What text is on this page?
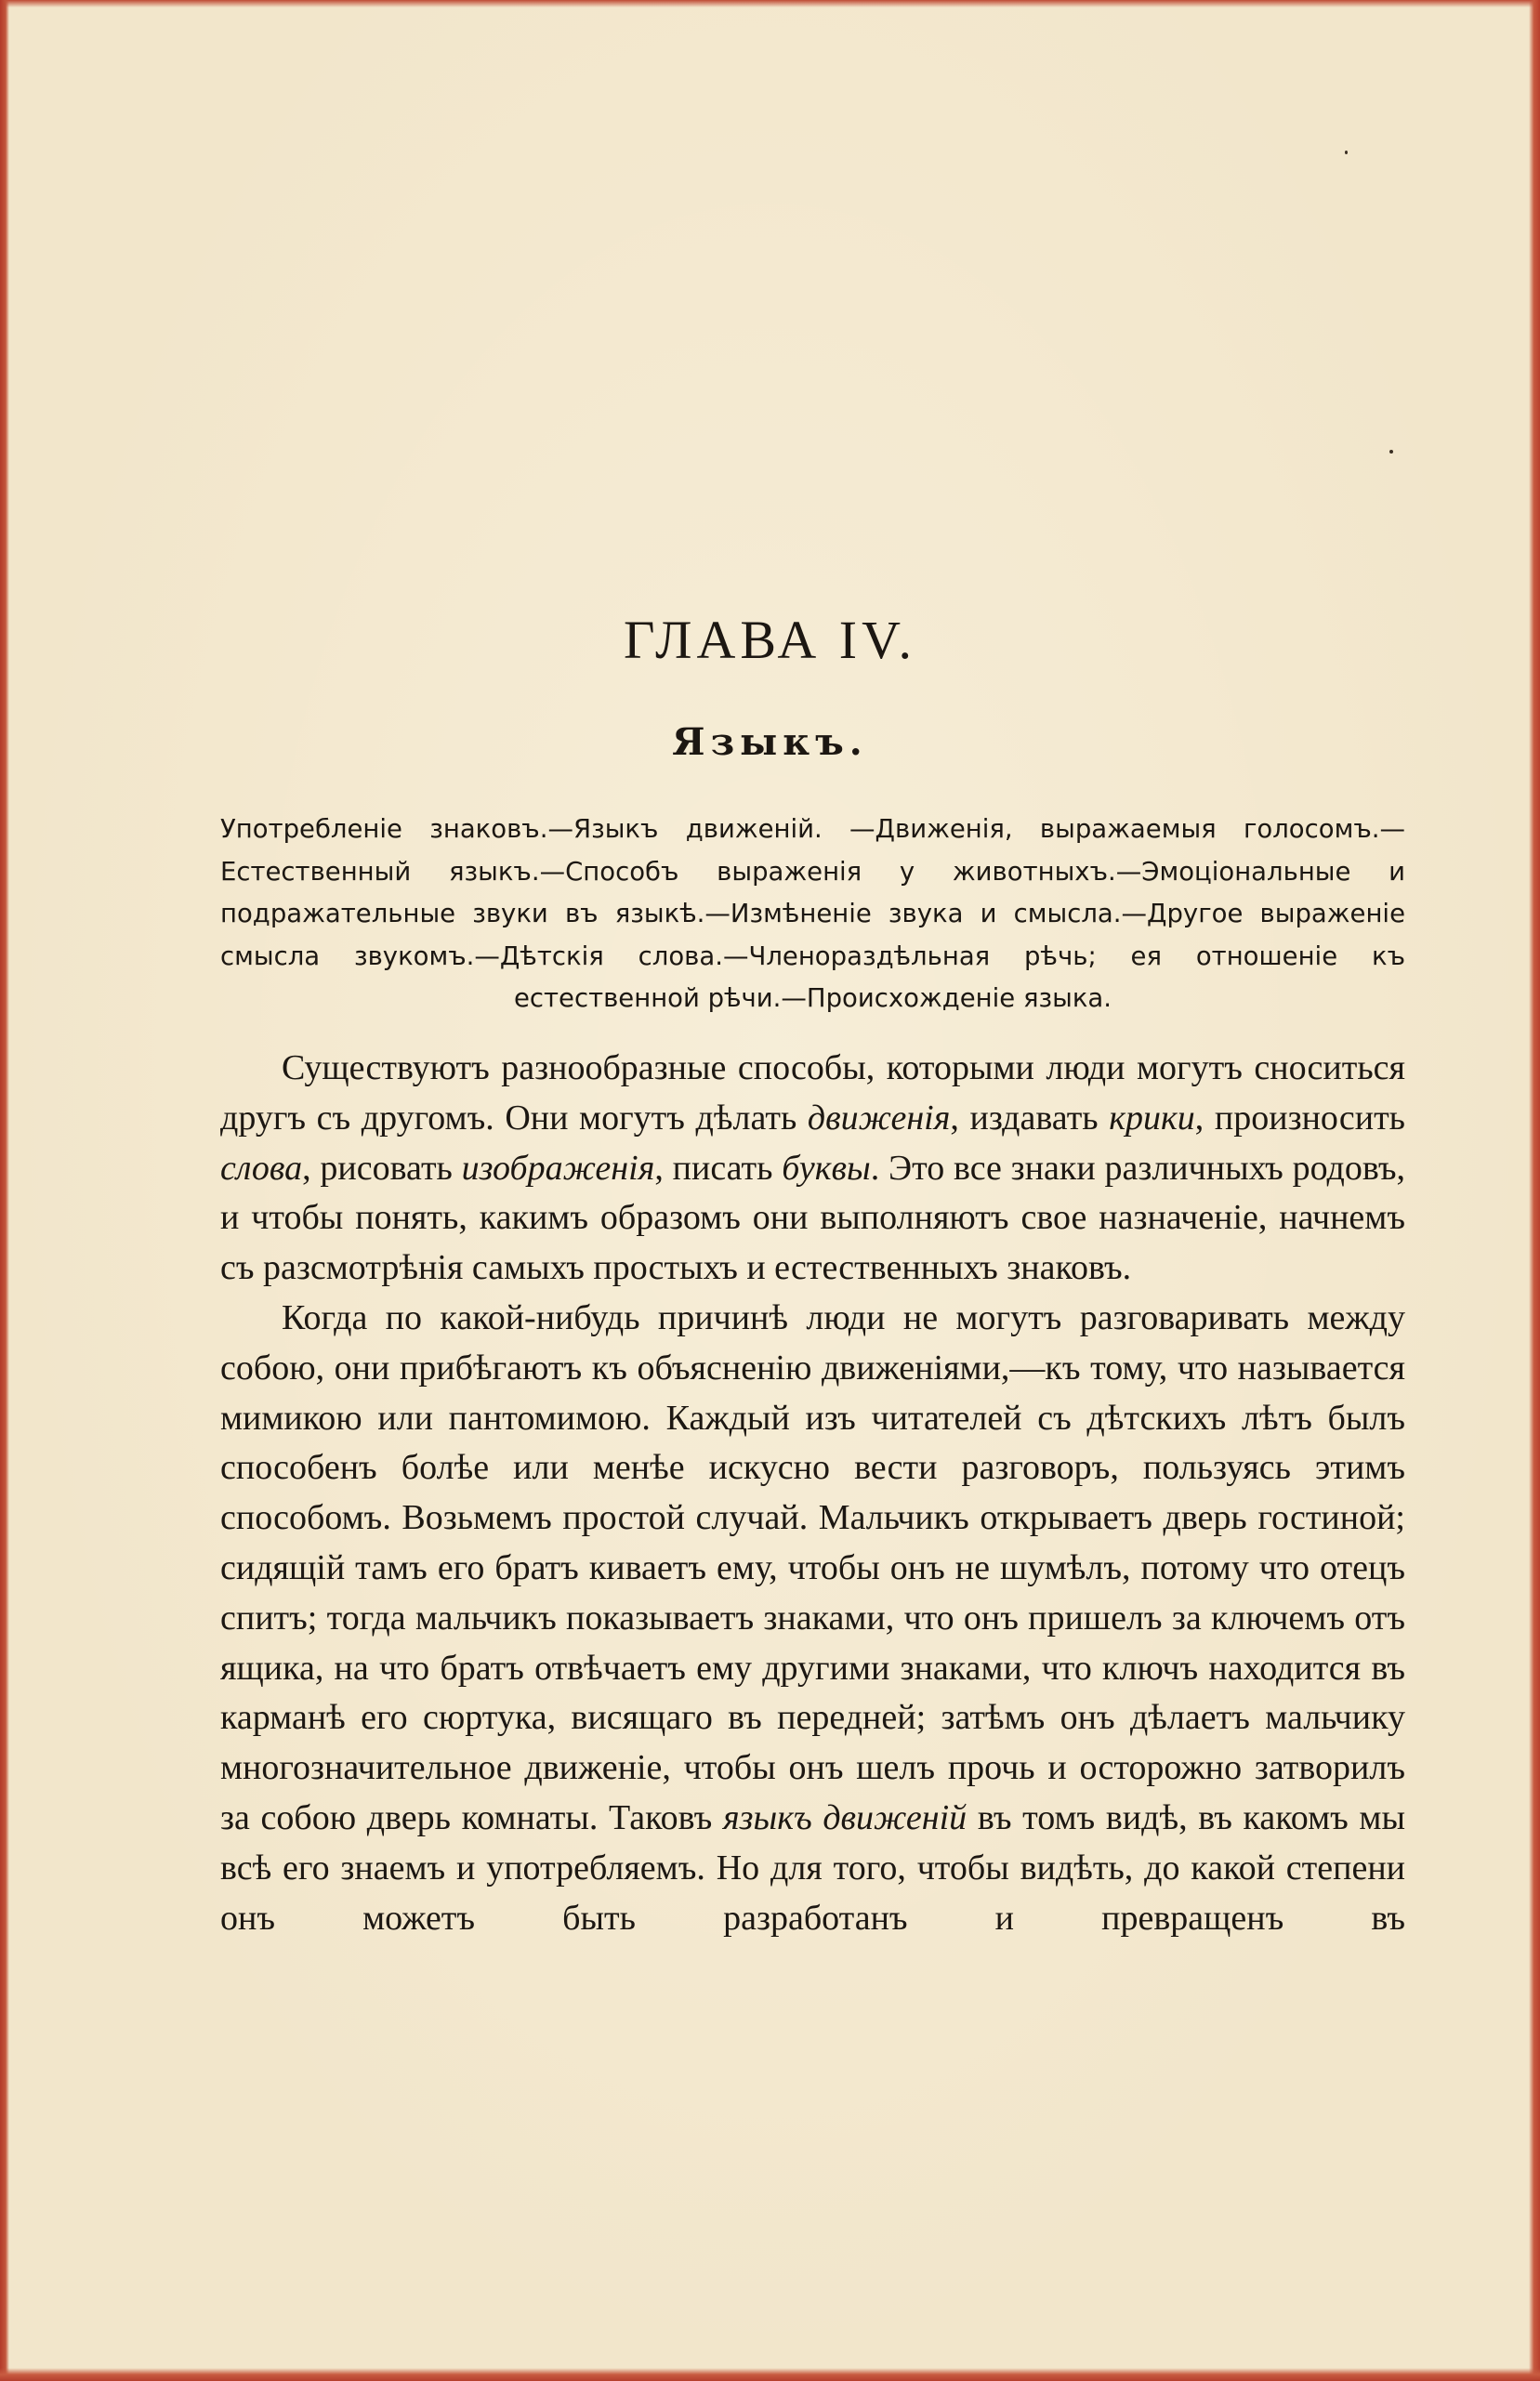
ГЛАВА IV.
Языкъ.

Употребленіе знаковъ.—Языкъ движеній. —Движенія, выражаемыя голосомъ.—Естественный языкъ.—Способъ выраженія у животныхъ.—Эмоціональные и подражательные звуки въ языкѣ.—Измѣненіе звука и смысла.—Другое выраженіе смысла звукомъ.—Дѣтскія слова.—Членораздѣльная рѣчь; ея отношеніе къ естественной рѣчи.—Происхожденіе языка.

Существуютъ разнообразные способы, которыми люди могутъ сноситься другъ съ другомъ. Они могутъ дѣлать движенія, издавать крики, произносить слова, рисовать изображенія, писать буквы. Это все знаки различныхъ родовъ, и чтобы понять, какимъ образомъ они выполняютъ свое назначеніе, начнемъ съ разсмотрѣнія самыхъ простыхъ и естественныхъ знаковъ.

Когда по какой-нибудь причинѣ люди не могутъ разговаривать между собою, они прибѣгаютъ къ объясненію движеніями,—къ тому, что называется мимикою или пантомимою. Каждый изъ читателей съ дѣтскихъ лѣтъ былъ способенъ болѣе или менѣе искусно вести разговоръ, пользуясь этимъ способомъ. Возьмемъ простой случай. Мальчикъ открываетъ дверь гостиной; сидящій тамъ его братъ киваетъ ему, чтобы онъ не шумѣлъ, потому что отецъ спитъ; тогда мальчикъ показываетъ знаками, что онъ пришелъ за ключемъ отъ ящика, на что братъ отвѣчаетъ ему другими знаками, что ключъ находится въ карманѣ его сюртука, висящаго въ передней; затѣмъ онъ дѣлаетъ мальчику многозначительное движеніе, чтобы онъ шелъ прочь и осторожно затворилъ за собою дверь комнаты. Таковъ языкъ движеній въ томъ видѣ, въ какомъ мы всѣ его знаемъ и употребляемъ. Но для того, чтобы видѣть, до какой степени онъ можетъ быть разработанъ и превращенъ въ
